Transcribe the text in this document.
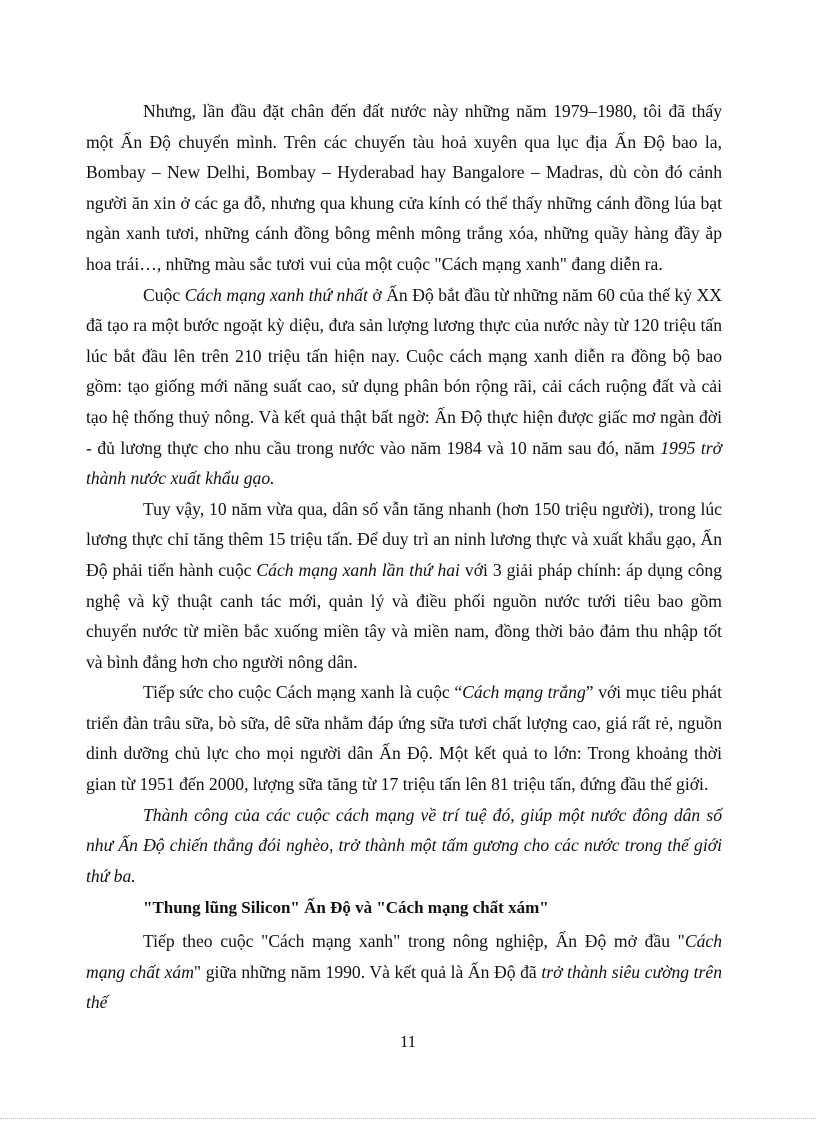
Nhưng, lần đầu đặt chân đến đất nước này những năm 1979–1980, tôi đã thấy một Ấn Độ chuyển mình. Trên các chuyến tàu hoả xuyên qua lục địa Ấn Độ bao la, Bombay – New Delhi, Bombay – Hyderabad hay Bangalore – Madras, dù còn đó cảnh người ăn xin ở các ga đỗ, nhưng qua khung cửa kính có thể thấy những cánh đồng lúa bạt ngàn xanh tươi, những cánh đồng bông mênh mông trắng xóa, những quầy hàng đầy ắp hoa trái…, những màu sắc tươi vui của một cuộc "Cách mạng xanh" đang diễn ra.

Cuộc Cách mạng xanh thứ nhất ở Ấn Độ bắt đầu từ những năm 60 của thế kỷ XX đã tạo ra một bước ngoặt kỳ diệu, đưa sản lượng lương thực của nước này từ 120 triệu tấn lúc bắt đầu lên trên 210 triệu tấn hiện nay. Cuộc cách mạng xanh diễn ra đồng bộ bao gồm: tạo giống mới năng suất cao, sử dụng phân bón rộng rãi, cải cách ruộng đất và cải tạo hệ thống thuỷ nông. Và kết quả thật bất ngờ: Ấn Độ thực hiện được giấc mơ ngàn đời - đủ lương thực cho nhu cầu trong nước vào năm 1984 và 10 năm sau đó, năm 1995 trở thành nước xuất khẩu gạo.

Tuy vậy, 10 năm vừa qua, dân số vẫn tăng nhanh (hơn 150 triệu người), trong lúc lương thực chỉ tăng thêm 15 triệu tấn. Để duy trì an ninh lương thực và xuất khẩu gạo, Ấn Độ phải tiến hành cuộc Cách mạng xanh lần thứ hai với 3 giải pháp chính: áp dụng công nghệ và kỹ thuật canh tác mới, quản lý và điều phối nguồn nước tưới tiêu bao gồm chuyển nước từ miền bắc xuống miền tây và miền nam, đồng thời bảo đảm thu nhập tốt và bình đẳng hơn cho người nông dân.

Tiếp sức cho cuộc Cách mạng xanh là cuộc “Cách mạng trắng” với mục tiêu phát triển đàn trâu sữa, bò sữa, dê sữa nhằm đáp ứng sữa tươi chất lượng cao, giá rất rẻ, nguồn dinh dưỡng chủ lực cho mọi người dân Ấn Độ. Một kết quả to lớn: Trong khoảng thời gian từ 1951 đến 2000, lượng sữa tăng từ 17 triệu tấn lên 81 triệu tấn, đứng đầu thế giới.

Thành công của các cuộc cách mạng về trí tuệ đó, giúp một nước đông dân số như Ấn Độ chiến thắng đói nghèo, trở thành một tấm gương cho các nước trong thế giới thứ ba.

"Thung lũng Silicon" Ấn Độ và "Cách mạng chất xám"

Tiếp theo cuộc "Cách mạng xanh" trong nông nghiệp, Ấn Độ mở đầu "Cách mạng chất xám" giữa những năm 1990. Và kết quả là Ấn Độ đã trở thành siêu cường trên thế

11
